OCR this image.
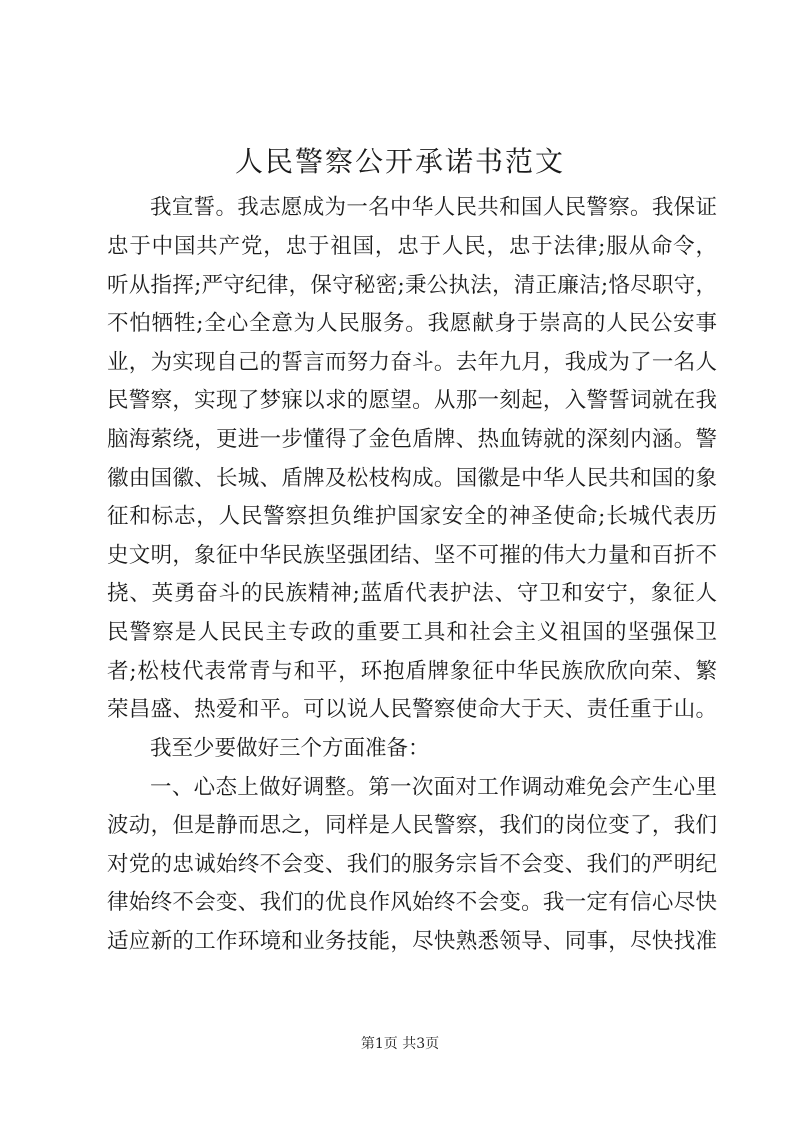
人民警察公开承诺书范文
我宣誓。我志愿成为一名中华人民共和国人民警察。我保证
忠于中国共产党，忠于祖国，忠于人民，忠于法律;服从命令，
听从指挥;严守纪律，保守秘密;秉公执法，清正廉洁;恪尽职守，
不怕牺牲;全心全意为人民服务。我愿献身于崇高的人民公安事
业，为实现自己的誓言而努力奋斗。去年九月，我成为了一名人
民警察，实现了梦寐以求的愿望。从那一刻起，入警誓词就在我
脑海萦绕，更进一步懂得了金色盾牌、热血铸就的深刻内涵。警
徽由国徽、长城、盾牌及松枝构成。国徽是中华人民共和国的象
征和标志，人民警察担负维护国家安全的神圣使命;长城代表历
史文明，象征中华民族坚强团结、坚不可摧的伟大力量和百折不
挠、英勇奋斗的民族精神;蓝盾代表护法、守卫和安宁，象征人
民警察是人民民主专政的重要工具和社会主义祖国的坚强保卫
者;松枝代表常青与和平，环抱盾牌象征中华民族欣欣向荣、繁
荣昌盛、热爱和平。可以说人民警察使命大于天、责任重于山。
我至少要做好三个方面准备：
一、心态上做好调整。第一次面对工作调动难免会产生心里
波动，但是静而思之，同样是人民警察，我们的岗位变了，我们
对党的忠诚始终不会变、我们的服务宗旨不会变、我们的严明纪
律始终不会变、我们的优良作风始终不会变。我一定有信心尽快
适应新的工作环境和业务技能，尽快熟悉领导、同事，尽快找准
第1页 共3页
